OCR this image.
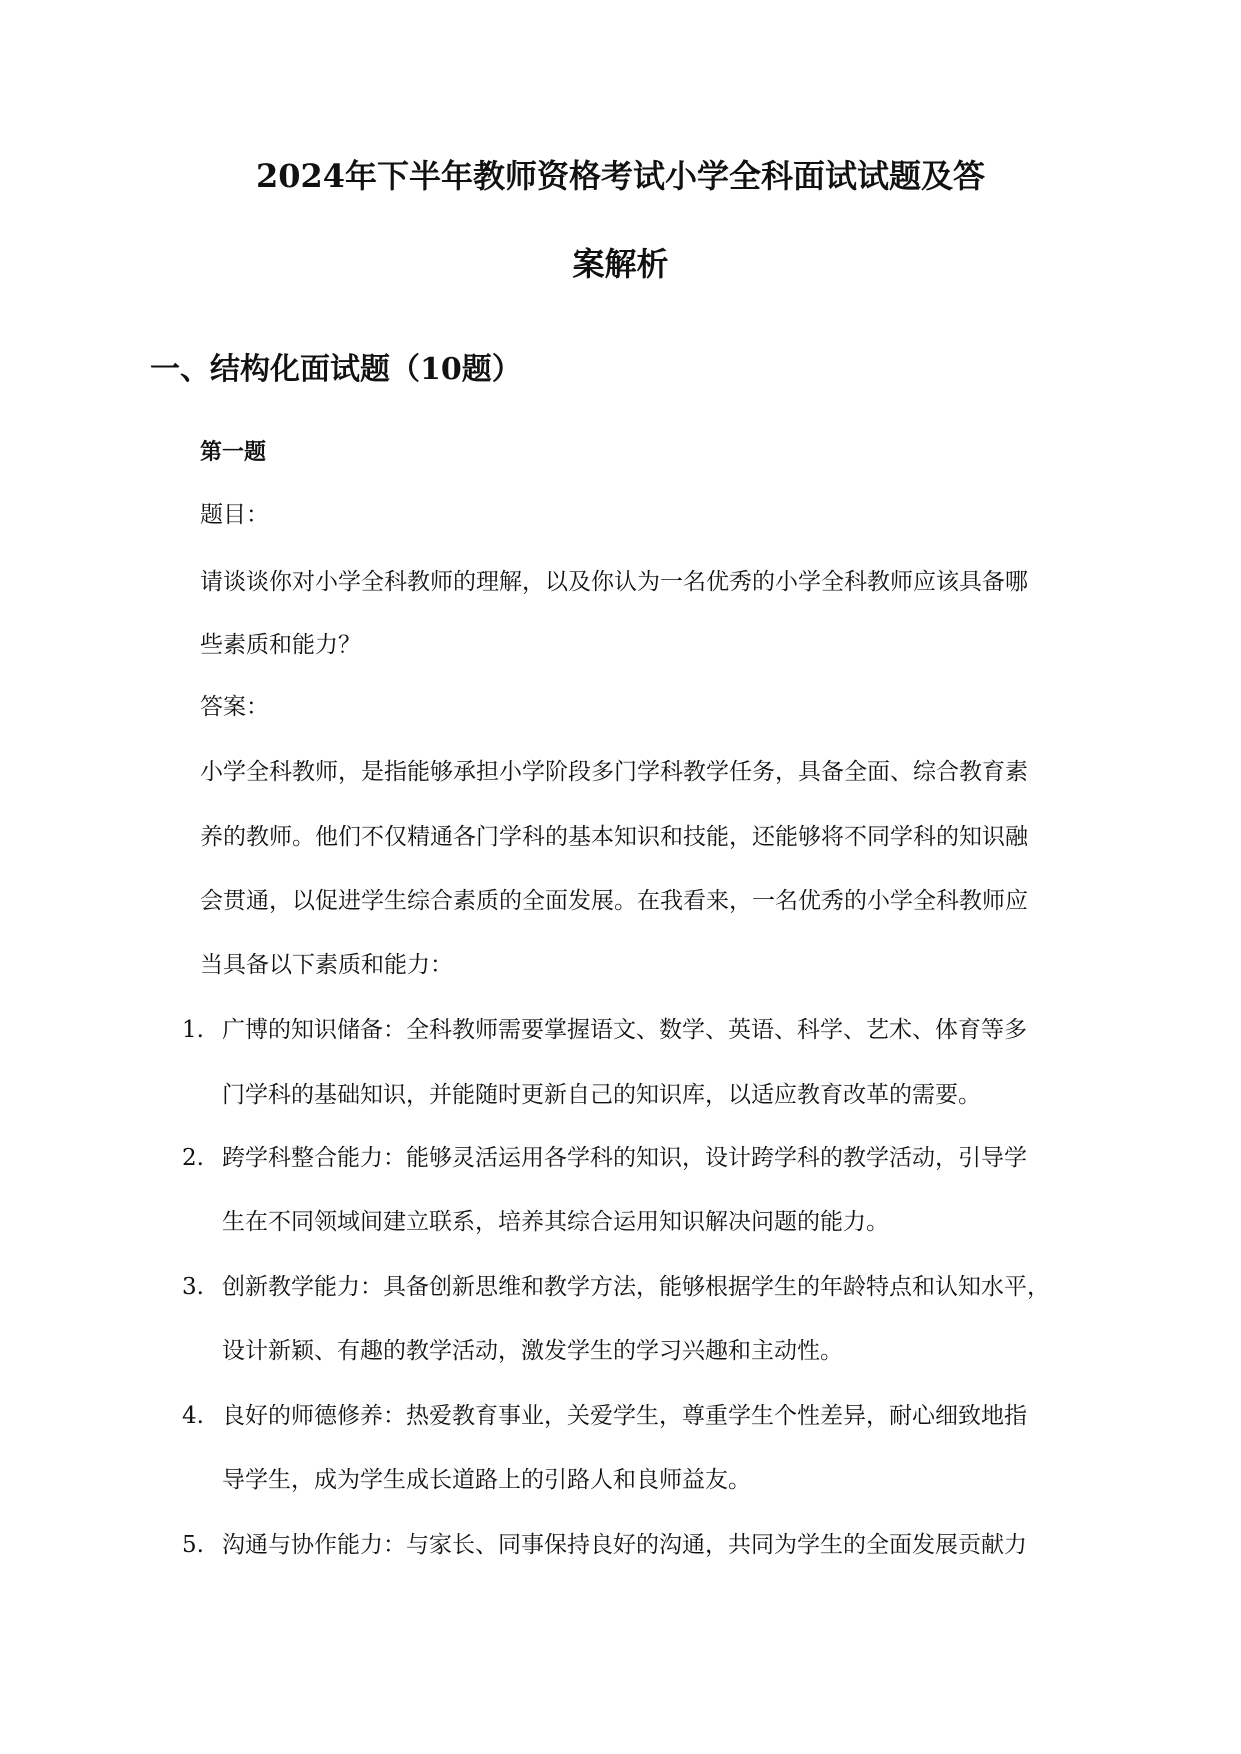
2024年下半年教师资格考试小学全科面试试题及答
案解析
一、结构化面试题（10题）
第一题
题目：
请谈谈你对小学全科教师的理解，以及你认为一名优秀的小学全科教师应该具备哪
些素质和能力？
答案：
小学全科教师，是指能够承担小学阶段多门学科教学任务，具备全面、综合教育素
养的教师。他们不仅精通各门学科的基本知识和技能，还能够将不同学科的知识融
会贯通，以促进学生综合素质的全面发展。在我看来，一名优秀的小学全科教师应
当具备以下素质和能力：
1. 广博的知识储备：全科教师需要掌握语文、数学、英语、科学、艺术、体育等多
门学科的基础知识，并能随时更新自己的知识库，以适应教育改革的需要。
2. 跨学科整合能力：能够灵活运用各学科的知识，设计跨学科的教学活动，引导学
生在不同领域间建立联系，培养其综合运用知识解决问题的能力。
3. 创新教学能力：具备创新思维和教学方法，能够根据学生的年龄特点和认知水平，
设计新颖、有趣的教学活动，激发学生的学习兴趣和主动性。
4. 良好的师德修养：热爱教育事业，关爱学生，尊重学生个性差异，耐心细致地指
导学生，成为学生成长道路上的引路人和良师益友。
5. 沟通与协作能力：与家长、同事保持良好的沟通，共同为学生的全面发展贡献力
